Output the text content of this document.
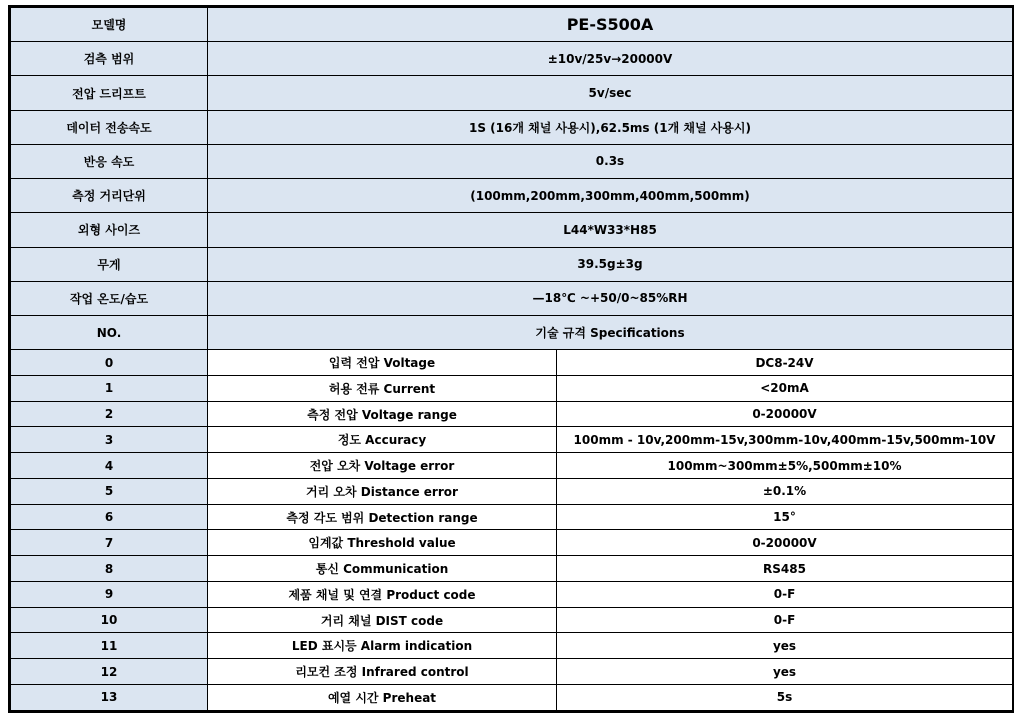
모델명	PE-S500A	
검측 범위	±10v/25v→20000V	
전압 드리프트	5v/sec	
데이터 전송속도	1S (16개 채널 사용시),62.5ms (1개 채널 사용시)	
반응 속도	0.3s	
측정 거리단위	(100mm,200mm,300mm,400mm,500mm)	
외형 사이즈	L44*W33*H85	
무게	39.5g±3g	
작업 온도/습도	—18℃ ~+50/0~85%RH	
NO.	기술 규격 Specifications	
0	입력 전압 Voltage	DC8-24V
1	허용 전류 Current	<20mA
2	측정 전압 Voltage range	0-20000V
3	정도 Accuracy	100mm - 10v,200mm-15v,300mm-10v,400mm-15v,500mm-10V
4	전압 오차 Voltage error	100mm~300mm±5%,500mm±10%
5	거리 오차 Distance error	±0.1%
6	측정 각도 범위 Detection range	15°
7	임계값 Threshold value	0-20000V
8	통신 Communication	RS485
9	제품 채널 및 연결 Product code	0-F
10	거리 채널 DIST code	0-F
11	LED 표시등 Alarm indication	yes
12	리모컨 조정 Infrared control	yes
13	예열 시간 Preheat	5s
